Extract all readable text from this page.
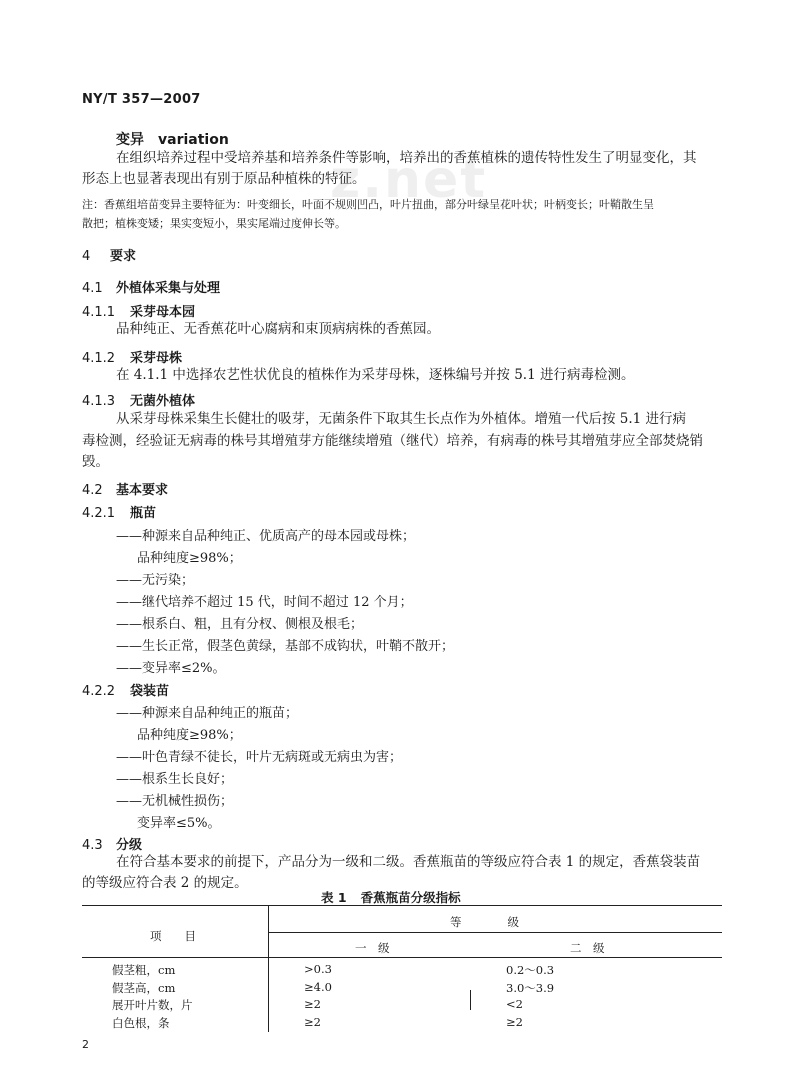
NY/T 357—2007
z.net
变异　variation
在组织培养过程中受培养基和培养条件等影响，培养出的香蕉植株的遗传特性发生了明显变化，其
形态上也显著表现出有别于原品种植株的特征。
注：香蕉组培苗变异主要特征为：叶变细长，叶面不规则凹凸，叶片扭曲，部分叶绿呈花叶状；叶柄变长；叶鞘散生呈
散把；植株变矮；果实变短小，果实尾端过度伸长等。
4 要求
4.1 外植体采集与处理
4.1.1 采芽母本园
品种纯正、无香蕉花叶心腐病和束顶病病株的香蕉园。
4.1.2 采芽母株
在 4.1.1 中选择农艺性状优良的植株作为采芽母株，逐株编号并按 5.1 进行病毒检测。
4.1.3 无菌外植体
从采芽母株采集生长健壮的吸芽，无菌条件下取其生长点作为外植体。增殖一代后按 5.1 进行病
毒检测，经验证无病毒的株号其增殖芽方能继续增殖（继代）培养，有病毒的株号其增殖芽应全部焚烧销
毁。
4.2 基本要求
4.2.1 瓶苗
——种源来自品种纯正、优质高产的母本园或母株；
品种纯度≥98%；
——无污染；
——继代培养不超过 15 代，时间不超过 12 个月；
——根系白、粗，且有分杈、侧根及根毛；
——生长正常，假茎色黄绿，基部不成钩状，叶鞘不散开；
——变异率≤2%。
4.2.2 袋装苗
——种源来自品种纯正的瓶苗；
品种纯度≥98%；
——叶色青绿不徒长，叶片无病斑或无病虫为害；
——根系生长良好；
——无机械性损伤；
变异率≤5%。
4.3 分级
在符合基本要求的前提下，产品分为一级和二级。香蕉瓶苗的等级应符合表 1 的规定，香蕉袋装苗
的等级应符合表 2 的规定。
表 1 香蕉瓶苗分级指标
项　　目
等　　　　级
一　级	二　级
假茎粗，cm	>0.3	0.2～0.3
假茎高，cm	≥4.0	3.0～3.9
展开叶片数，片	≥2	<2
白色根，条	≥2	≥2
2
